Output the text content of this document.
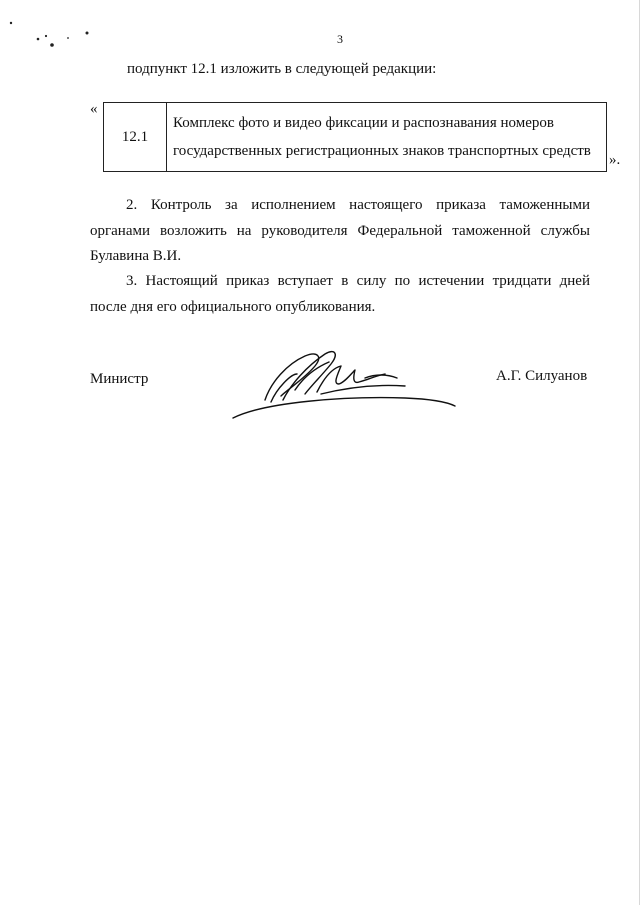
3
подпункт 12.1 изложить в следующей редакции:
«
12.1	
Комплекс фото и видео фиксации и распознавания номеров
государственных регистрационных знаков транспортных средств
».
2. Контроль за исполнением настоящего приказа таможенными
органами возложить на руководителя Федеральной таможенной службы
Булавина В.И.
3. Настоящий приказ вступает в силу по истечении тридцати дней
после дня его официального опубликования.
Министр	А.Г. Силуанов
